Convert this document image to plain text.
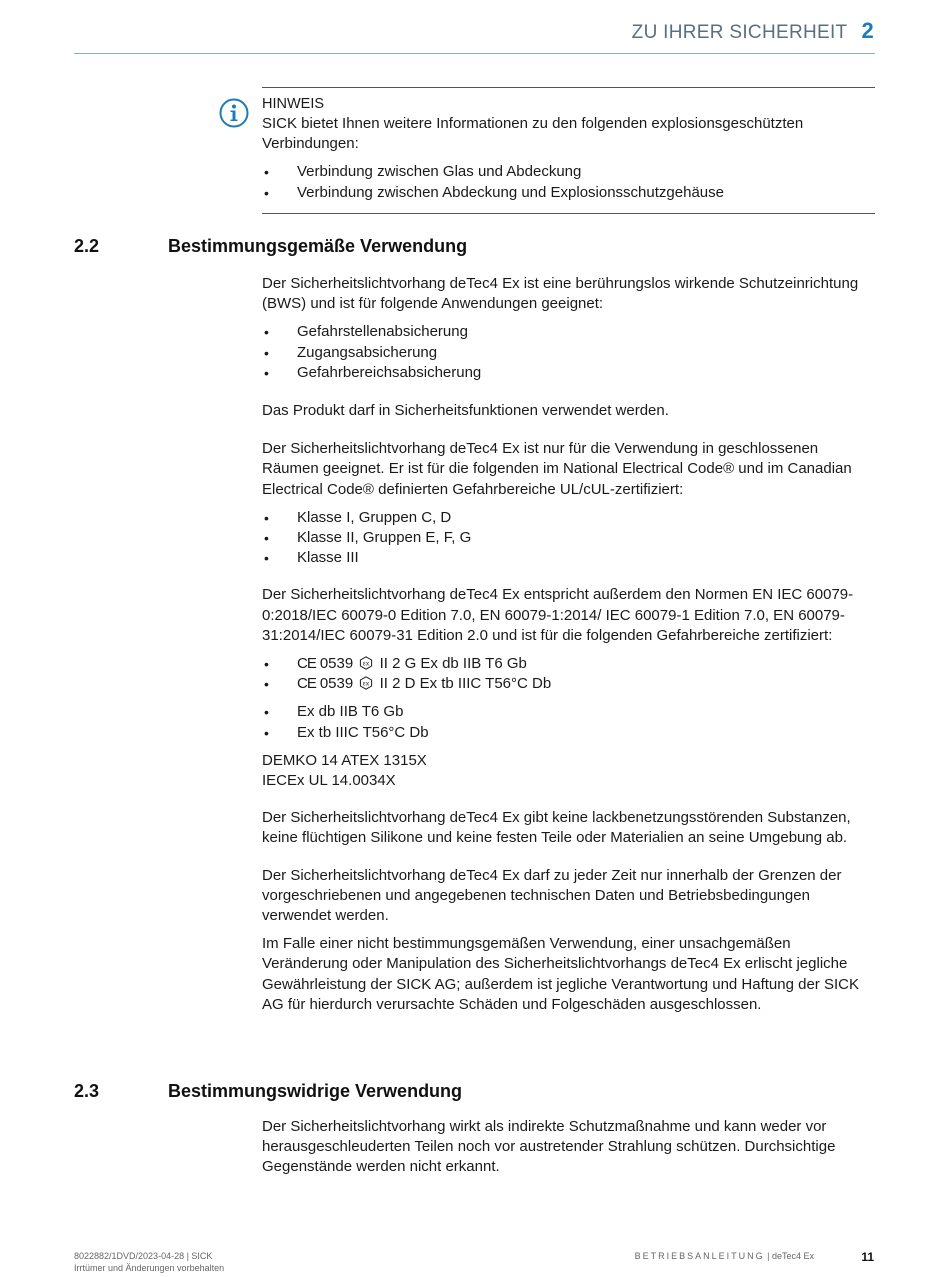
ZU IHRER SICHERHEIT 2
HINWEIS

SICK bietet Ihnen weitere Informationen zu den folgenden explosionsgeschützten Verbindungen:

• Verbindung zwischen Glas und Abdeckung
• Verbindung zwischen Abdeckung und Explosionsschutzgehäuse
2.2	Bestimmungsgemäße Verwendung

Der Sicherheitslichtvorhang deTec4 Ex ist eine berührungslos wirkende Schutzeinrichtung (BWS) und ist für folgende Anwendungen geeignet:

• Gefahrstellenabsicherung
• Zugangsabsicherung
• Gefahrbereichsabsicherung

Das Produkt darf in Sicherheitsfunktionen verwendet werden.

Der Sicherheitslichtvorhang deTec4 Ex ist nur für die Verwendung in geschlossenen Räumen geeignet. Er ist für die folgenden im National Electrical Code® und im Canadian Electrical Code® definierten Gefahrbereiche UL/cUL-zertifiziert:

• Klasse I, Gruppen C, D
• Klasse II, Gruppen E, F, G
• Klasse III

Der Sicherheitslichtvorhang deTec4 Ex entspricht außerdem den Normen EN IEC 60079-0:2018/IEC 60079-0 Edition 7.0, EN 60079-1:2014/ IEC 60079-1 Edition 7.0, EN 60079-31:2014/IEC 60079-31 Edition 2.0 und ist für die folgenden Gefahrbereiche zertifiziert:

• CE 0539 εx II 2 G Ex db IIB T6 Gb
• CE 0539 εx II 2 D Ex tb IIIC T56°C Db
• Ex db IIB T6 Gb
• Ex tb IIIC T56°C Db

DEMKO 14 ATEX 1315X

IECEx UL 14.0034X

Der Sicherheitslichtvorhang deTec4 Ex gibt keine lackbenetzungsstörenden Substanzen, keine flüchtigen Silikone und keine festen Teile oder Materialien an seine Umgebung ab.

Der Sicherheitslichtvorhang deTec4 Ex darf zu jeder Zeit nur innerhalb der Grenzen der vorgeschriebenen und angegebenen technischen Daten und Betriebsbedingungen verwendet werden.

Im Falle einer nicht bestimmungsgemäßen Verwendung, einer unsachgemäßen Veränderung oder Manipulation des Sicherheitslichtvorhangs deTec4 Ex erlischt jegliche Gewährleistung der SICK AG; außerdem ist jegliche Verantwortung und Haftung der SICK AG für hierdurch verursachte Schäden und Folgeschäden ausgeschlossen.

2.3	Bestimmungswidrige Verwendung

Der Sicherheitslichtvorhang wirkt als indirekte Schutzmaßnahme und kann weder vor herausgeschleuderten Teilen noch vor austretender Strahlung schützen. Durchsichtige Gegenstände werden nicht erkannt.

8022882/1DVD/2023-04-28 | SICK
Irrtümer und Änderungen vorbehalten
BETRIEBSANLEITUNG | deTec4 Ex	11
